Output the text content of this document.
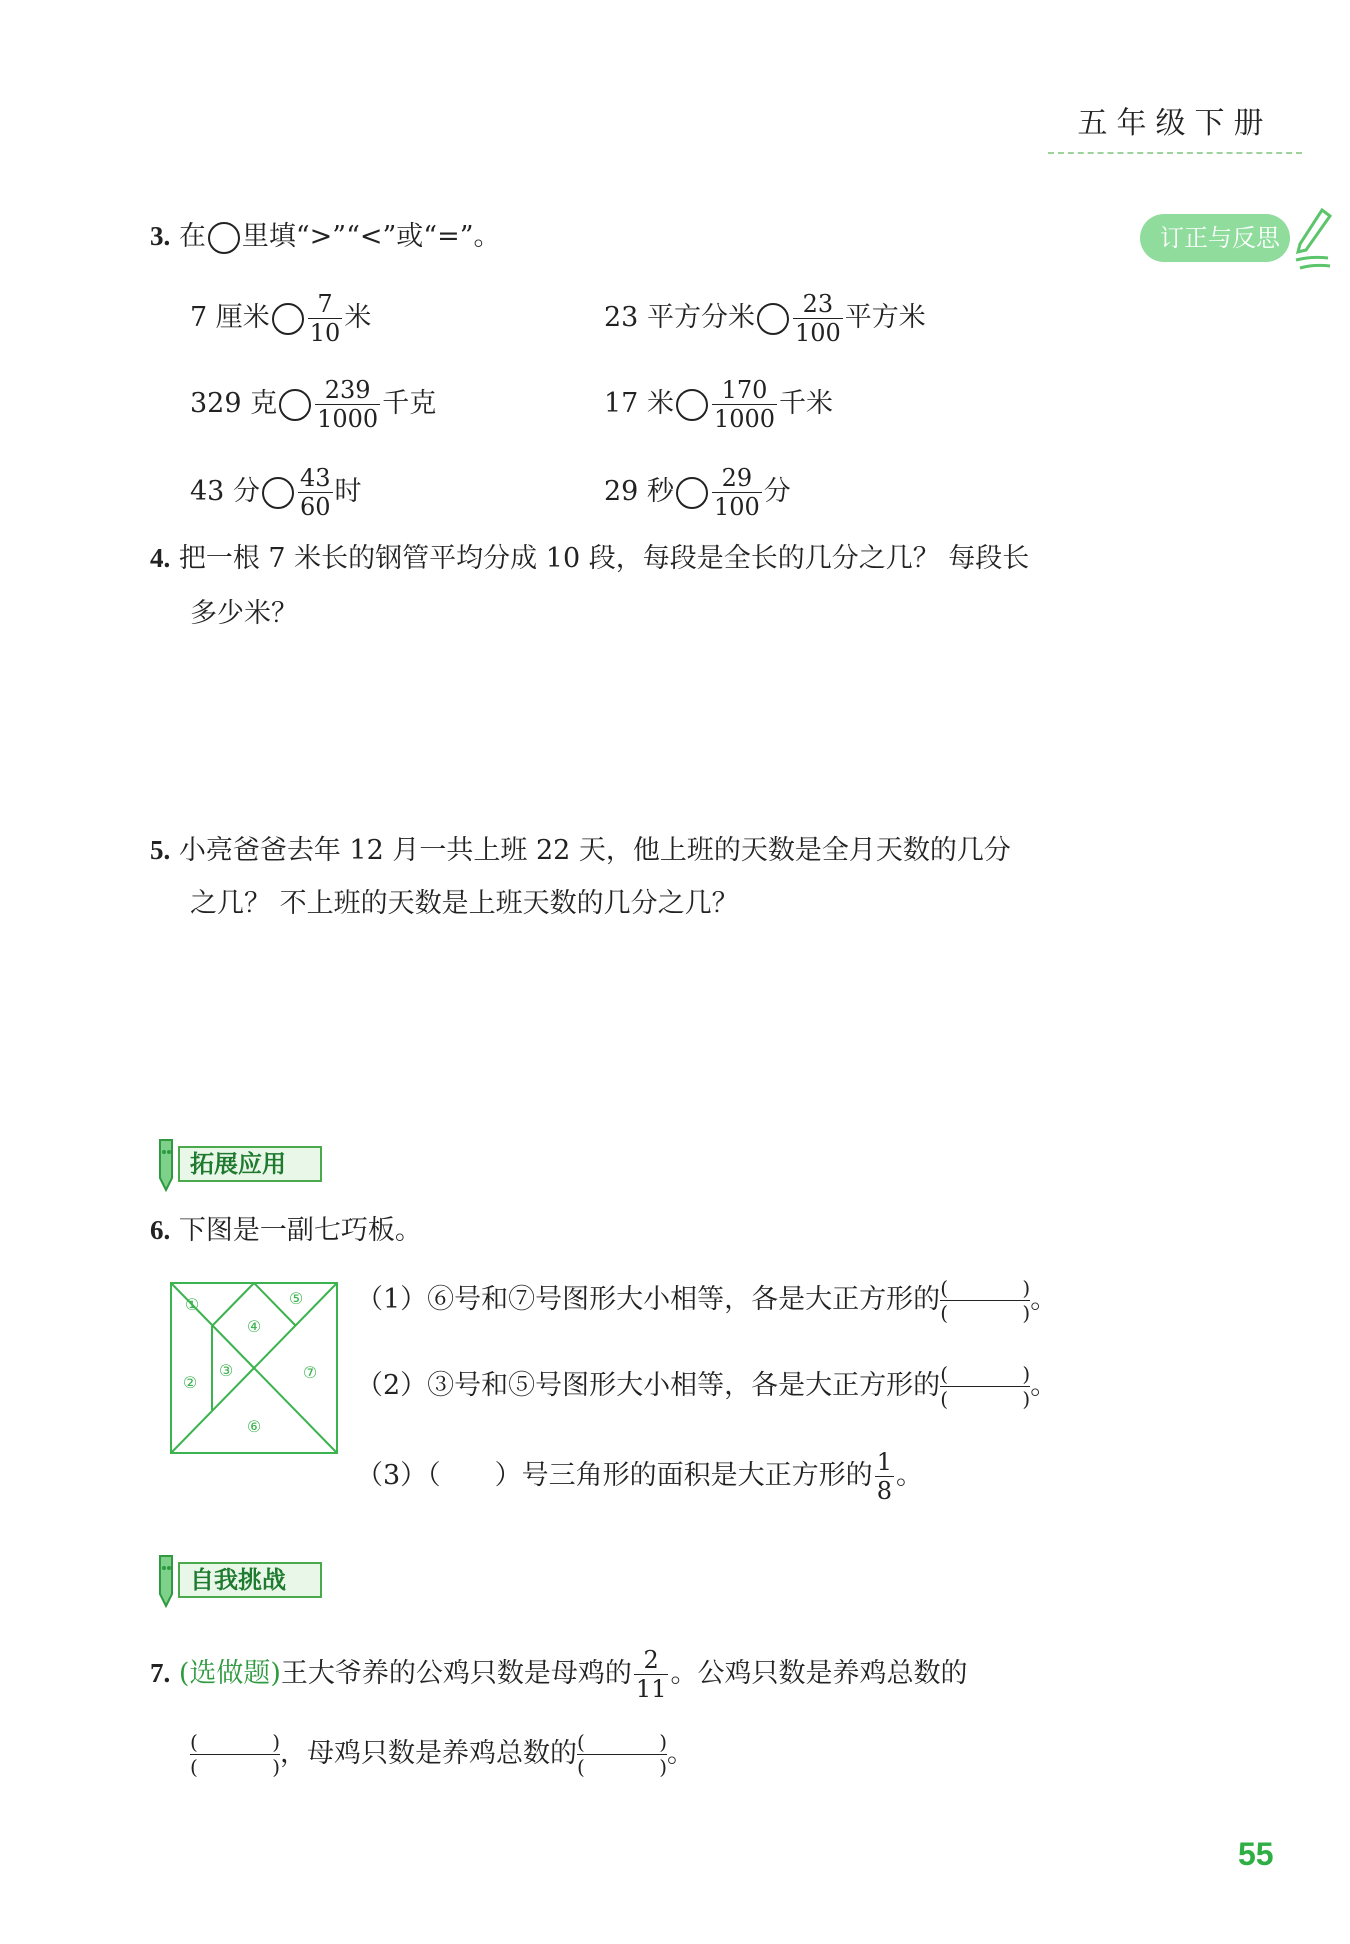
五年级下册
订正与反思
3. 在 里填“>”“<”或“=”。
7 厘米 $\frac{7}{10}$ 米	23 平方分米 $\frac{23}{100}$ 平方米
329 克 $\frac{239}{1000}$ 千克	17 米 $\frac{170}{1000}$ 千米
43 分 $\frac{43}{60}$ 时	29 秒 $\frac{29}{100}$ 分
4. 把一根 7 米长的钢管平均分成 10 段，每段是全长的几分之几？ 每段长
多少米？
5. 小亮爸爸去年 12 月一共上班 22 天，他上班的天数是全月天数的几分
之几？ 不上班的天数是上班天数的几分之几？
拓展应用
6. 下图是一副七巧板。
①
②
③
④
⑤
⑥
⑦
（1）⑥号和⑦号图形大小相等，各是大正方形的 (	)
(	) 。
（2）③号和⑤号图形大小相等，各是大正方形的 (	)
(	) 。
（3）（　　）号三角形的面积是大正方形的 $\frac{1}{8}$ 。
自我挑战
7. (选做题)王大爷养的公鸡只数是母鸡的 $\frac{2}{11}$ 。公鸡只数是养鸡总数的
(	)
(	) ，母鸡只数是养鸡总数的 (	)
(	) 。
55
